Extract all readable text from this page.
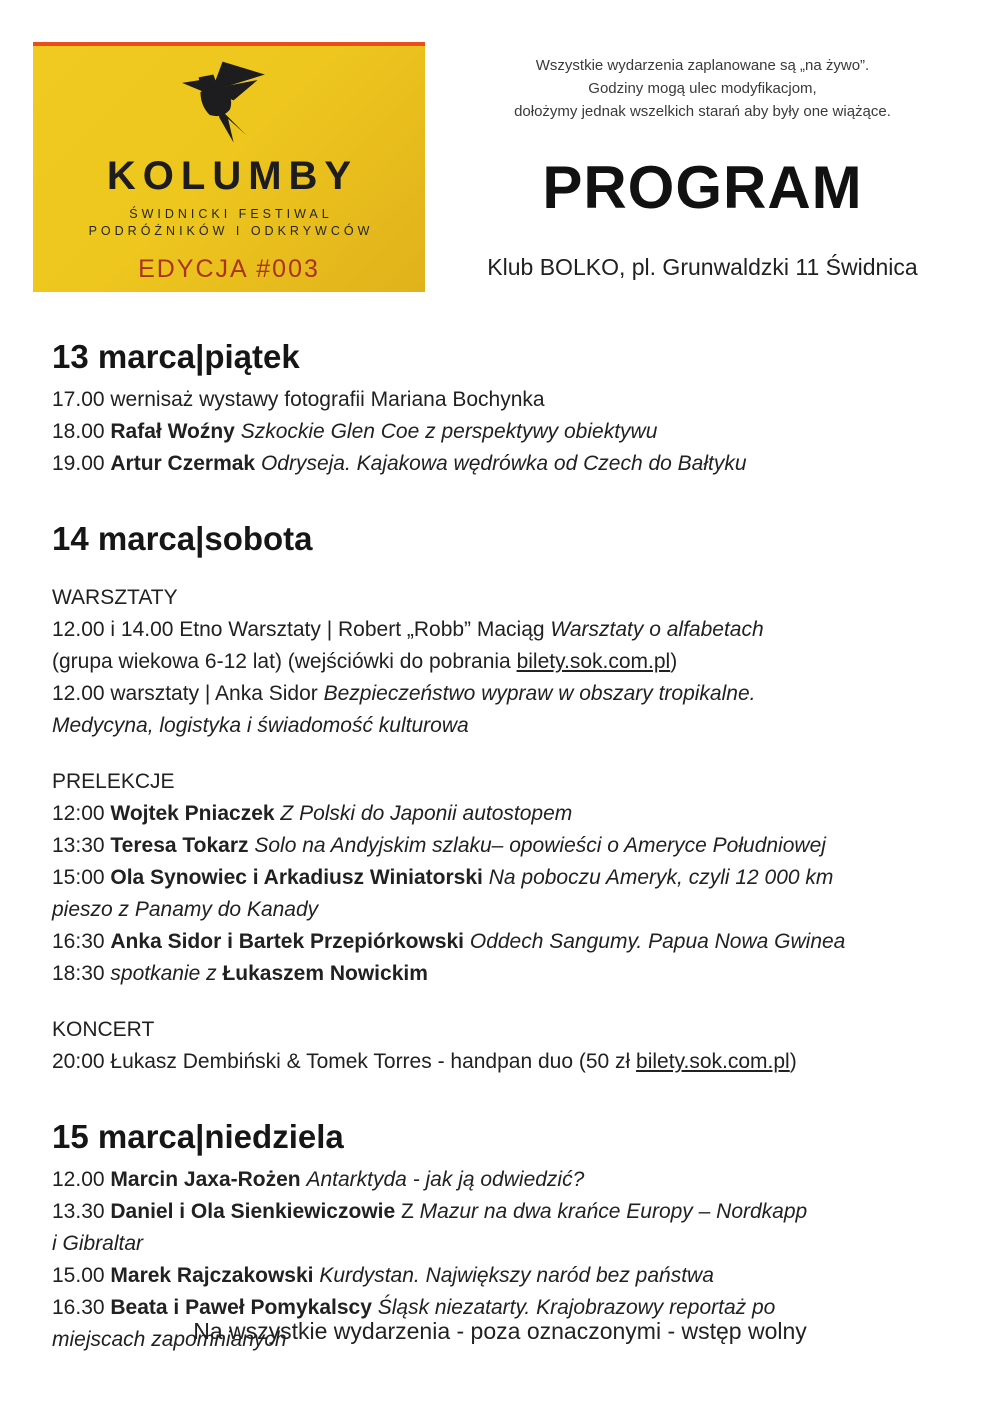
KOLUMBY
ŚWIDNICKI FESTIWAL
PODRÓŻNIKÓW I ODKRYWCÓW
EDYCJA #003
Wszystkie wydarzenia zaplanowane są „na żywo”.
Godziny mogą ulec modyfikacjom,
dołożymy jednak wszelkich starań aby były one wiążące.
PROGRAM
Klub BOLKO, pl. Grunwaldzki 11 Świdnica
13 marca|piątek
17.00 wernisaż wystawy fotografii Mariana Bochynka
18.00 Rafał Woźny Szkockie Glen Coe z perspektywy obiektywu
19.00 Artur Czermak Odryseja. Kajakowa wędrówka od Czech do Bałtyku
14 marca|sobota
WARSZTATY
12.00 i 14.00 Etno Warsztaty | Robert „Robb” Maciąg Warsztaty o alfabetach
(grupa wiekowa 6-12 lat) (wejściówki do pobrania bilety.sok.com.pl)
12.00 warsztaty | Anka Sidor Bezpieczeństwo wypraw w obszary tropikalne.
Medycyna, logistyka i świadomość kulturowa
PRELEKCJE
12:00 Wojtek Pniaczek Z Polski do Japonii autostopem
13:30 Teresa Tokarz Solo na Andyjskim szlaku– opowieści o Ameryce Południowej
15:00 Ola Synowiec i Arkadiusz Winiatorski Na poboczu Ameryk, czyli 12 000 km
pieszo z Panamy do Kanady
16:30 Anka Sidor i Bartek Przepiórkowski Oddech Sangumy. Papua Nowa Gwinea
18:30 spotkanie z Łukaszem Nowickim
KONCERT
20:00 Łukasz Dembiński & Tomek Torres - handpan duo (50 zł bilety.sok.com.pl)
15 marca|niedziela
12.00 Marcin Jaxa-Rożen Antarktyda - jak ją odwiedzić?
13.30 Daniel i Ola Sienkiewiczowie Z Mazur na dwa krańce Europy – Nordkapp
i Gibraltar
15.00 Marek Rajczakowski Kurdystan. Największy naród bez państwa
16.30 Beata i Paweł Pomykalscy Śląsk niezatarty. Krajobrazowy reportaż po
miejscach zapomnianych
Na wszystkie wydarzenia - poza oznaczonymi - wstęp wolny
